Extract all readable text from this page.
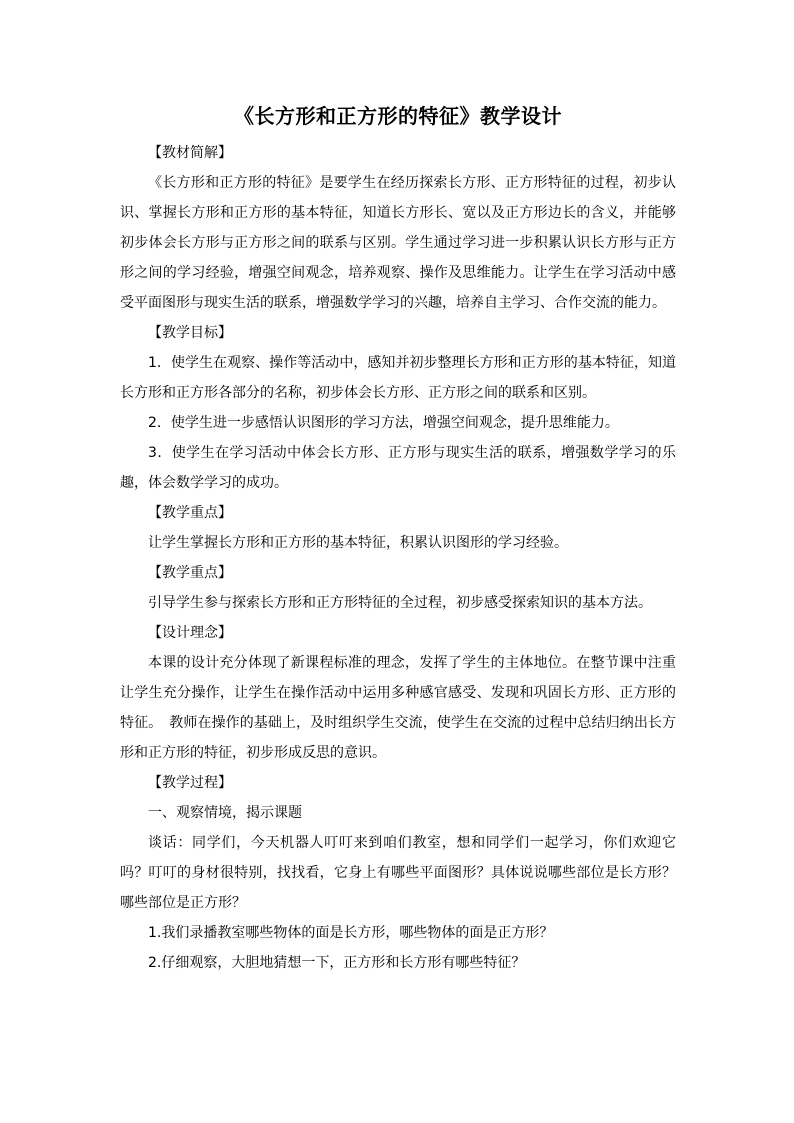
《长方形和正方形的特征》教学设计

【教材简解】

《长方形和正方形的特征》是要学生在经历探索长方形、正方形特征的过程，初步认识、掌握长方形和正方形的基本特征，知道长方形长、宽以及正方形边长的含义，并能够初步体会长方形与正方形之间的联系与区别。学生通过学习进一步积累认识长方形与正方形之间的学习经验，增强空间观念，培养观察、操作及思维能力。让学生在学习活动中感受平面图形与现实生活的联系，增强数学学习的兴趣，培养自主学习、合作交流的能力。

【教学目标】

1．使学生在观察、操作等活动中，感知并初步整理长方形和正方形的基本特征，知道长方形和正方形各部分的名称，初步体会长方形、正方形之间的联系和区别。

2．使学生进一步感悟认识图形的学习方法，增强空间观念，提升思维能力。

3．使学生在学习活动中体会长方形、正方形与现实生活的联系，增强数学学习的乐趣，体会数学学习的成功。

【教学重点】

让学生掌握长方形和正方形的基本特征，积累认识图形的学习经验。

【教学重点】

引导学生参与探索长方形和正方形特征的全过程，初步感受探索知识的基本方法。

【设计理念】

本课的设计充分体现了新课程标准的理念，发挥了学生的主体地位。在整节课中注重让学生充分操作，让学生在操作活动中运用多种感官感受、发现和巩固长方形、正方形的特征。　教师在操作的基础上，及时组织学生交流，使学生在交流的过程中总结归纳出长方形和正方形的特征，初步形成反思的意识。

【教学过程】

一、观察情境，揭示课题

谈话：同学们，今天机器人叮叮来到咱们教室，想和同学们一起学习，你们欢迎它吗？叮叮的身材很特别，找找看，它身上有哪些平面图形？具体说说哪些部位是长方形？哪些部位是正方形？

1.我们录播教室哪些物体的面是长方形，哪些物体的面是正方形？

2.仔细观察，大胆地猜想一下，正方形和长方形有哪些特征？
